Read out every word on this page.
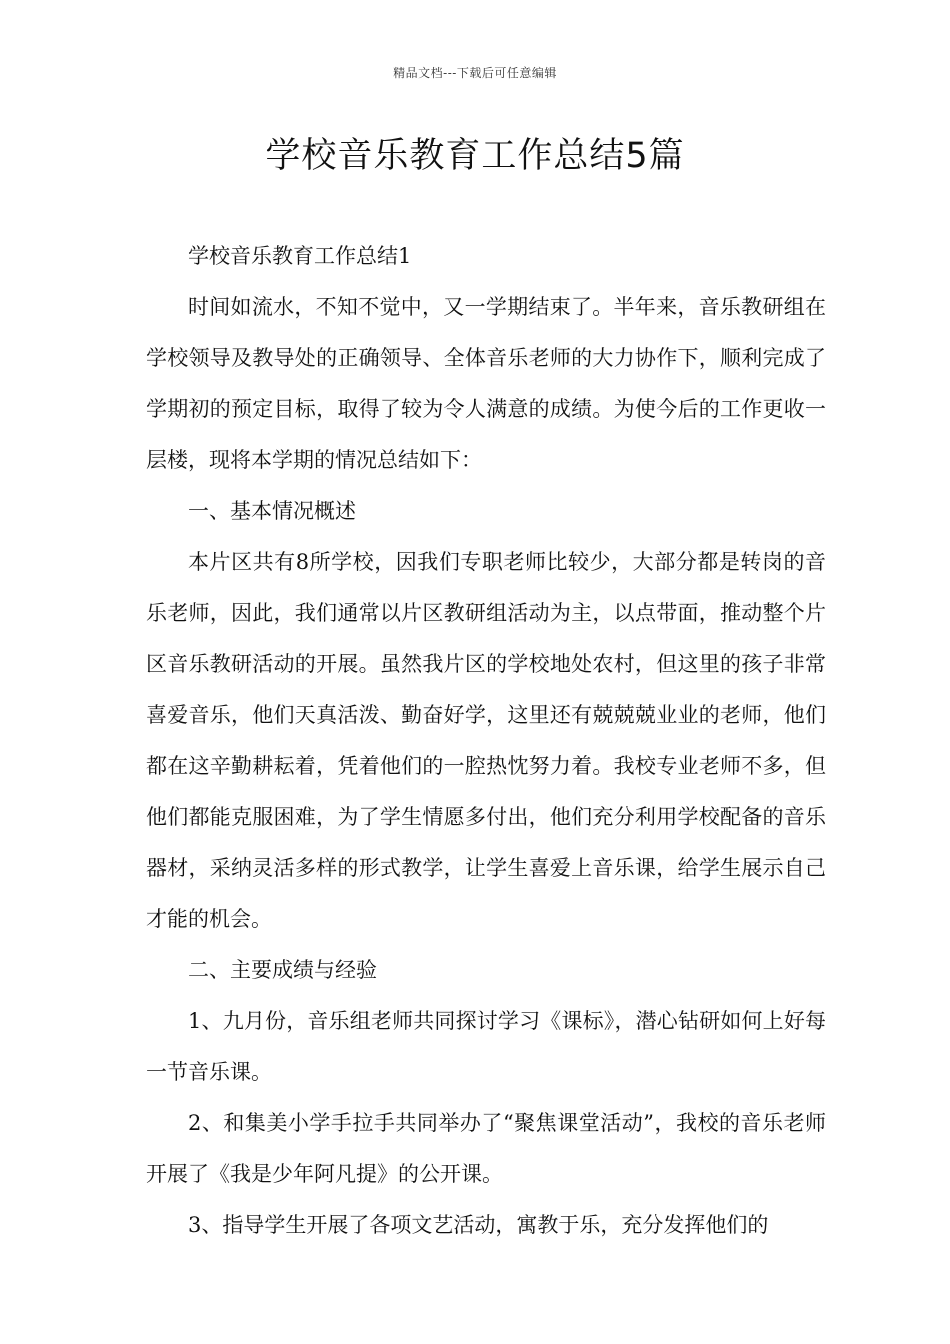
精品文档---下载后可任意编辑
学校音乐教育工作总结5篇

学校音乐教育工作总结1

时间如流水，不知不觉中，又一学期结束了。半年来，音乐教研组在学校领导及教导处的正确领导、全体音乐老师的大力协作下，顺利完成了学期初的预定目标，取得了较为令人满意的成绩。为使今后的工作更收一层楼，现将本学期的情况总结如下：

一、基本情况概述

本片区共有8所学校，因我们专职老师比较少，大部分都是转岗的音乐老师，因此，我们通常以片区教研组活动为主，以点带面，推动整个片区音乐教研活动的开展。虽然我片区的学校地处农村，但这里的孩子非常喜爱音乐，他们天真活泼、勤奋好学，这里还有兢兢兢业业的老师，他们都在这辛勤耕耘着，凭着他们的一腔热忱努力着。我校专业老师不多，但他们都能克服困难，为了学生情愿多付出，他们充分利用学校配备的音乐器材，采纳灵活多样的形式教学，让学生喜爱上音乐课，给学生展示自己才能的机会。

二、主要成绩与经验

1、九月份，音乐组老师共同探讨学习《课标》，潜心钻研如何上好每一节音乐课。

2、和集美小学手拉手共同举办了“聚焦课堂活动”，我校的音乐老师开展了《我是少年阿凡提》的公开课。

3、指导学生开展了各项文艺活动，寓教于乐，充分发挥他们的
